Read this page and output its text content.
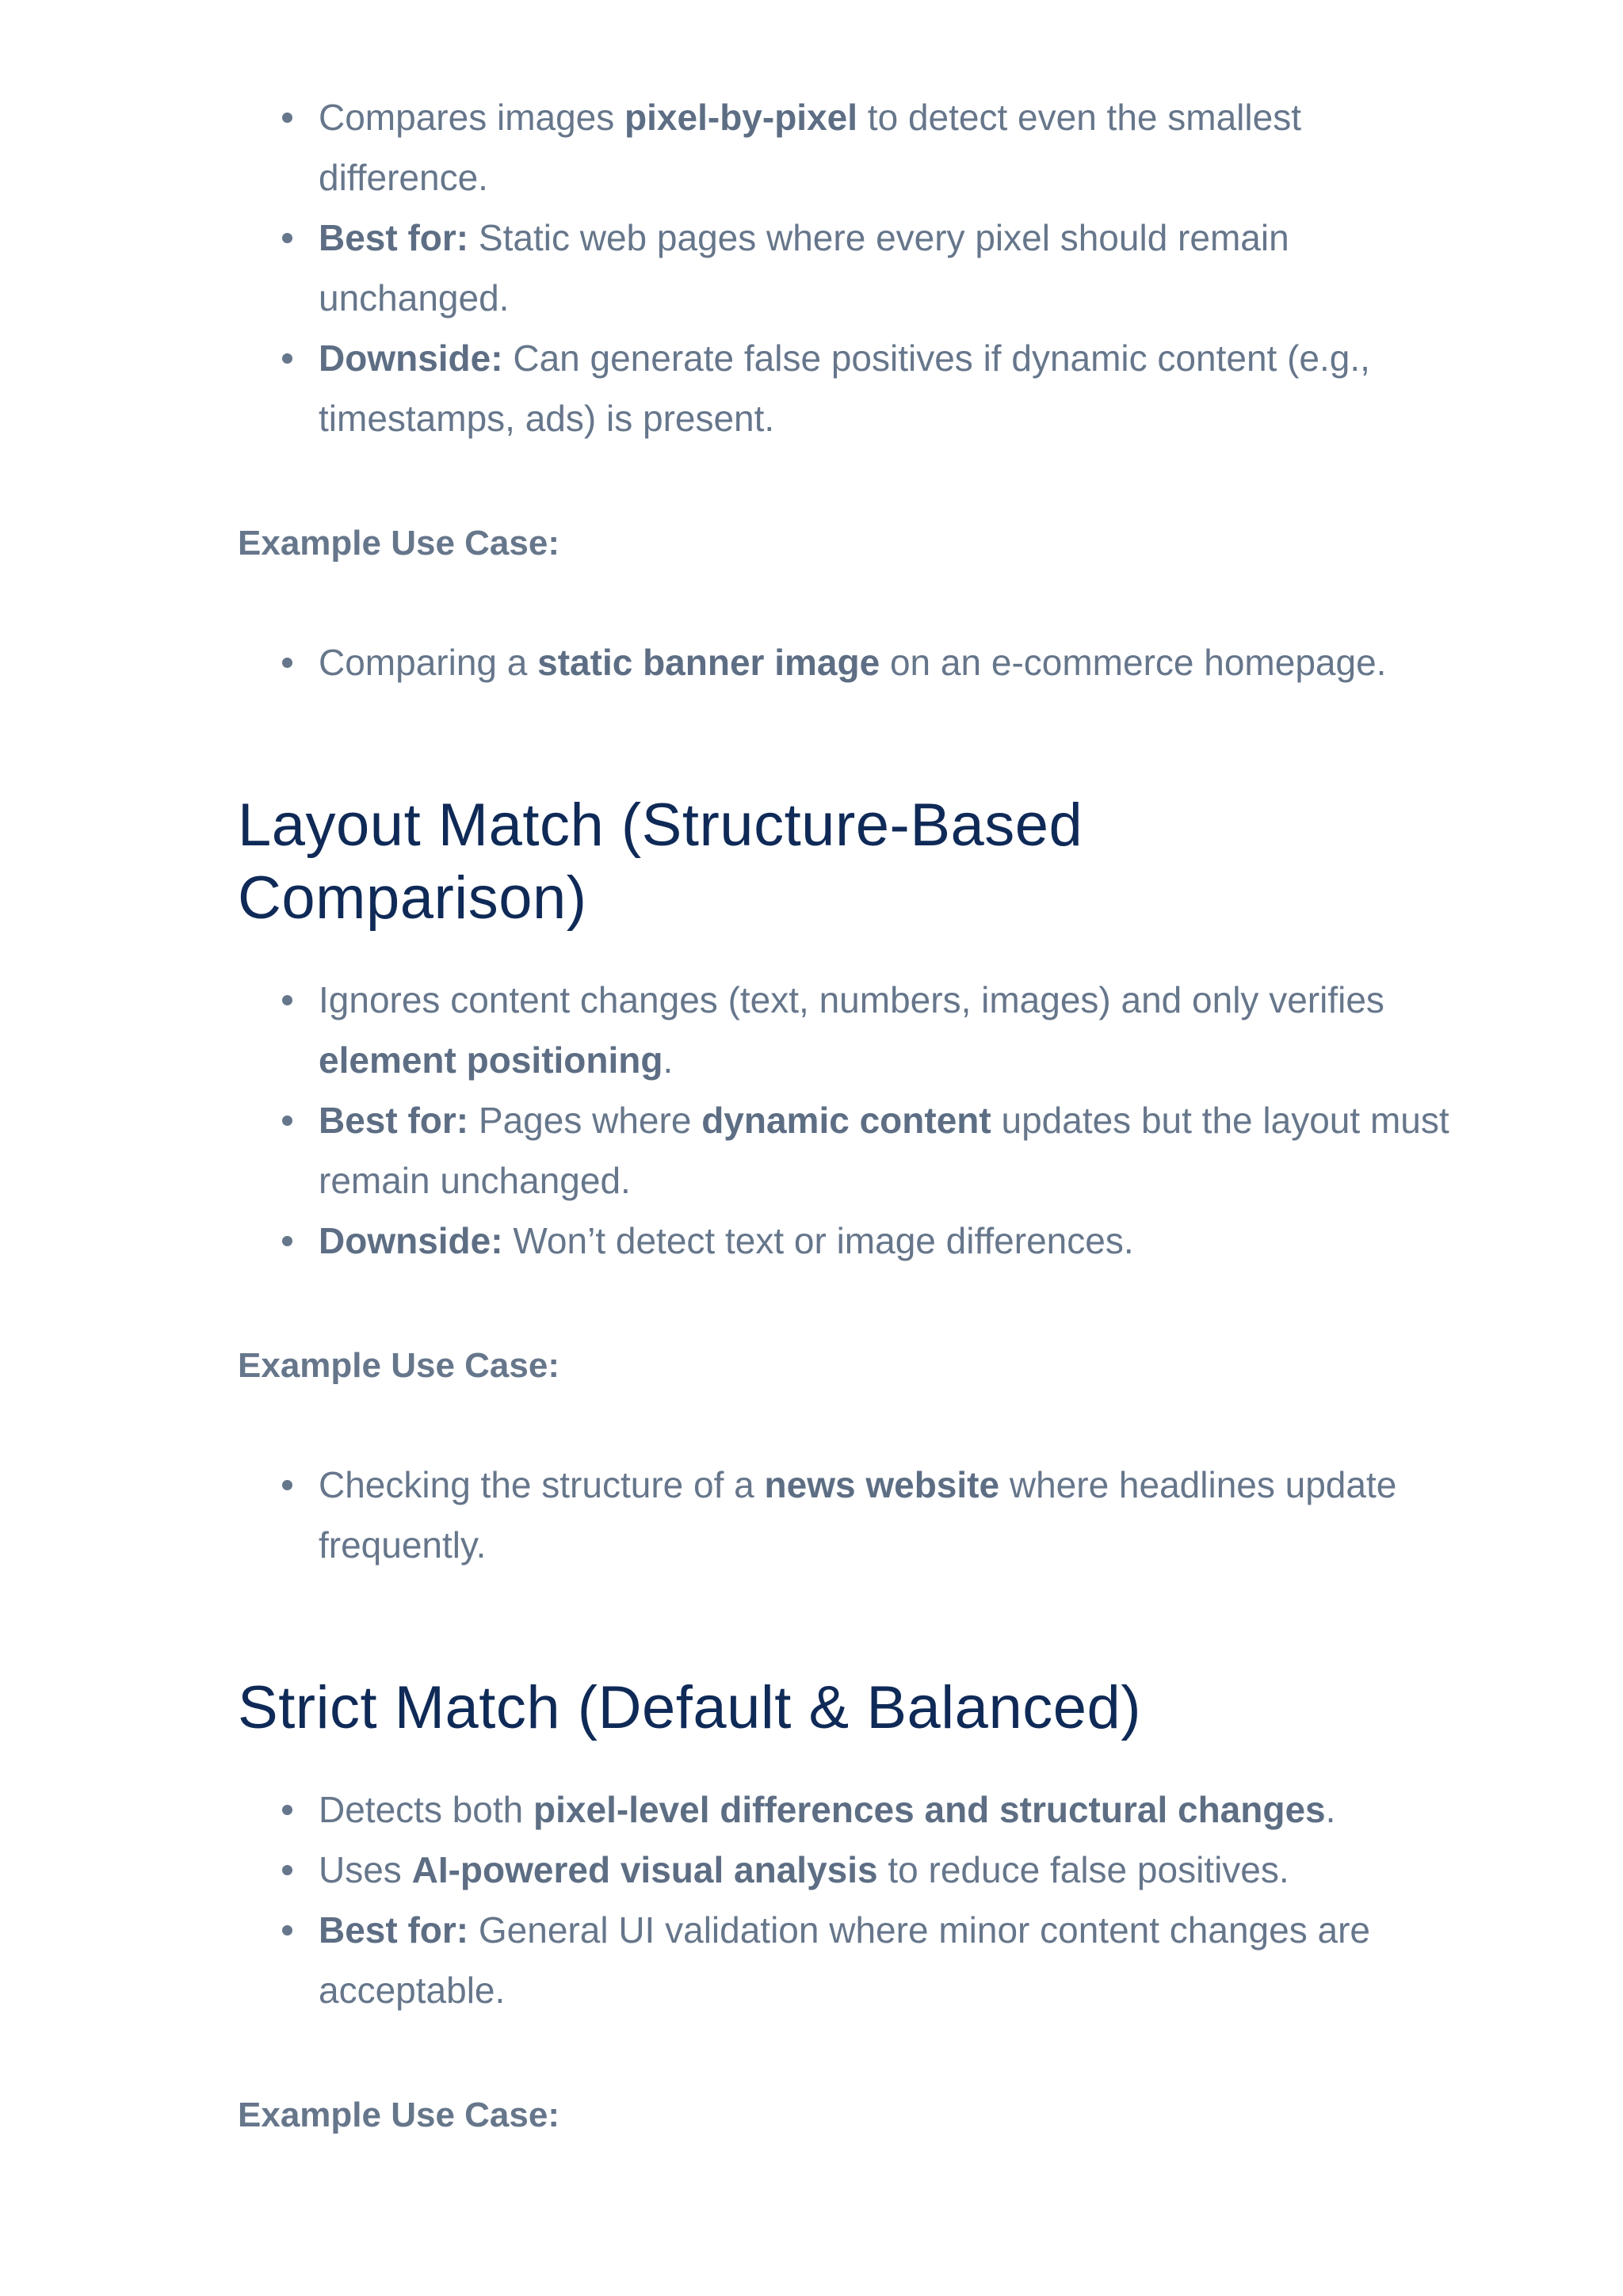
Compares images pixel-by-pixel to detect even the smallest difference.
Best for: Static web pages where every pixel should remain unchanged.
Downside: Can generate false positives if dynamic content (e.g., timestamps, ads) is present.

Example Use Case:

Comparing a static banner image on an e-commerce homepage.
Layout Match (Structure-Based
Comparison)
Ignores content changes (text, numbers, images) and only verifies element positioning.
Best for: Pages where dynamic content updates but the layout must remain unchanged.
Downside: Won’t detect text or image differences.

Example Use Case:

Checking the structure of a news website where headlines update frequently.
Strict Match (Default & Balanced)
Detects both pixel-level differences and structural changes.
Uses AI-powered visual analysis to reduce false positives.
Best for: General UI validation where minor content changes are acceptable.

Example Use Case:
